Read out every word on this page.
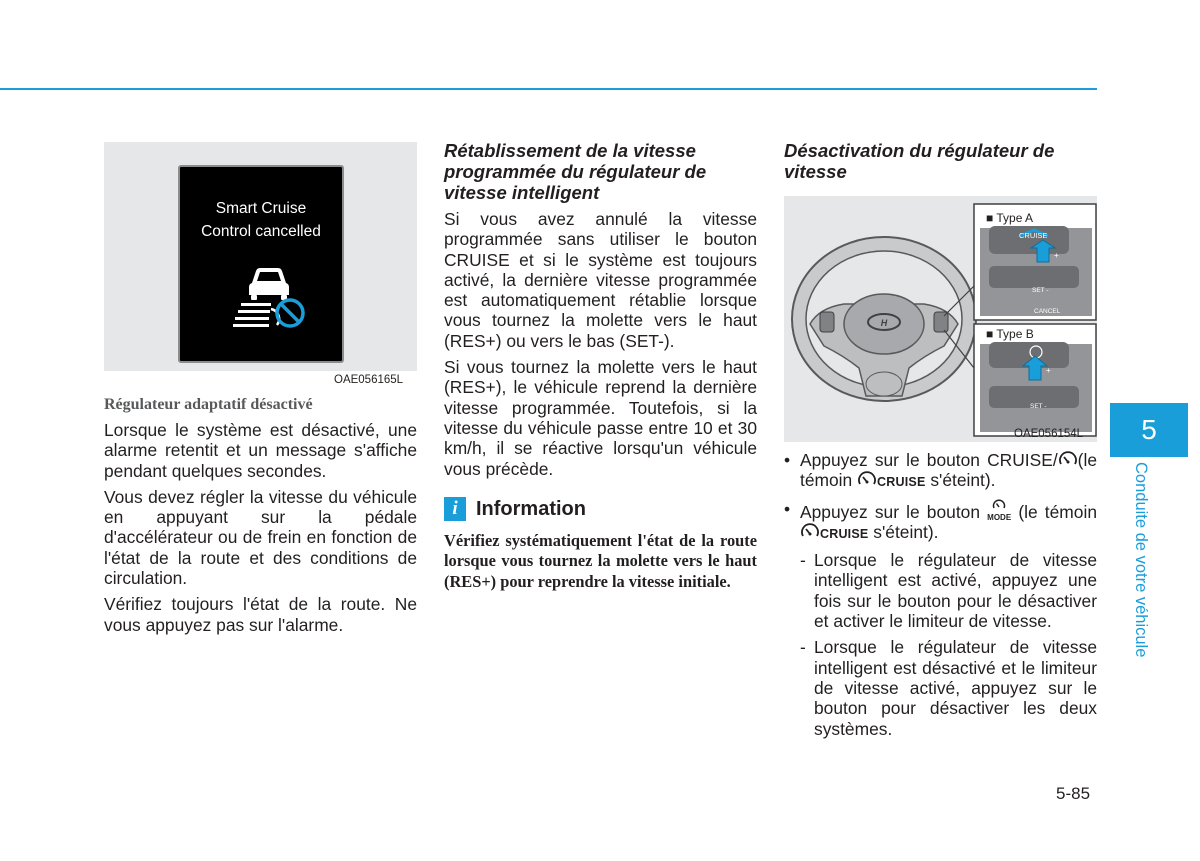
Smart Cruise
Control cancelled
OAE056165L
Régulateur adaptatif désactivé

Lorsque le système est désactivé, une alarme retentit et un message s'affiche pendant quelques secondes.

Vous devez régler la vitesse du véhicule en appuyant sur la pédale d'accélérateur ou de frein en fonction de l'état de la route et des conditions de circulation.

Vérifiez toujours l'état de la route. Ne vous appuyez pas sur l'alarme.

Rétablissement de la vitesse programmée du régulateur de vitesse intelligent

Si vous avez annulé la vitesse programmée sans utiliser le bouton CRUISE et si le système est toujours activé, la dernière vitesse programmée est automatiquement rétablie lorsque vous tournez la molette vers le haut (RES+) ou vers le bas (SET-).

Si vous tournez la molette vers le haut (RES+), le véhicule reprend la dernière vitesse programmée. Toutefois, si la vitesse du véhicule passe entre 10 et 30 km/h, il se réactive lorsqu'un véhicule vous précède.

i Information

Vérifiez systématiquement l'état de la route lorsque vous tournez la molette vers le haut (RES+) pour reprendre la vitesse initiale.

Désactivation du régulateur de vitesse
H
■ Type A
CRUISE
+
SET -
CANCEL
■ Type B
+
SET -
OAE056154L
• Appuyez sur le bouton CRUISE/ (le témoin CRUISE s'éteint).
• Appuyez sur le bouton MODE (le témoin CRUISE s'éteint).
- Lorsque le régulateur de vitesse intelligent est activé, appuyez une fois sur le bouton pour le désactiver et activer le limiteur de vitesse.
- Lorsque le régulateur de vitesse intelligent est désactivé et le limiteur de vitesse activé, appuyez sur le bouton pour désactiver les deux systèmes.
5
Conduite de votre véhicule
5-85
